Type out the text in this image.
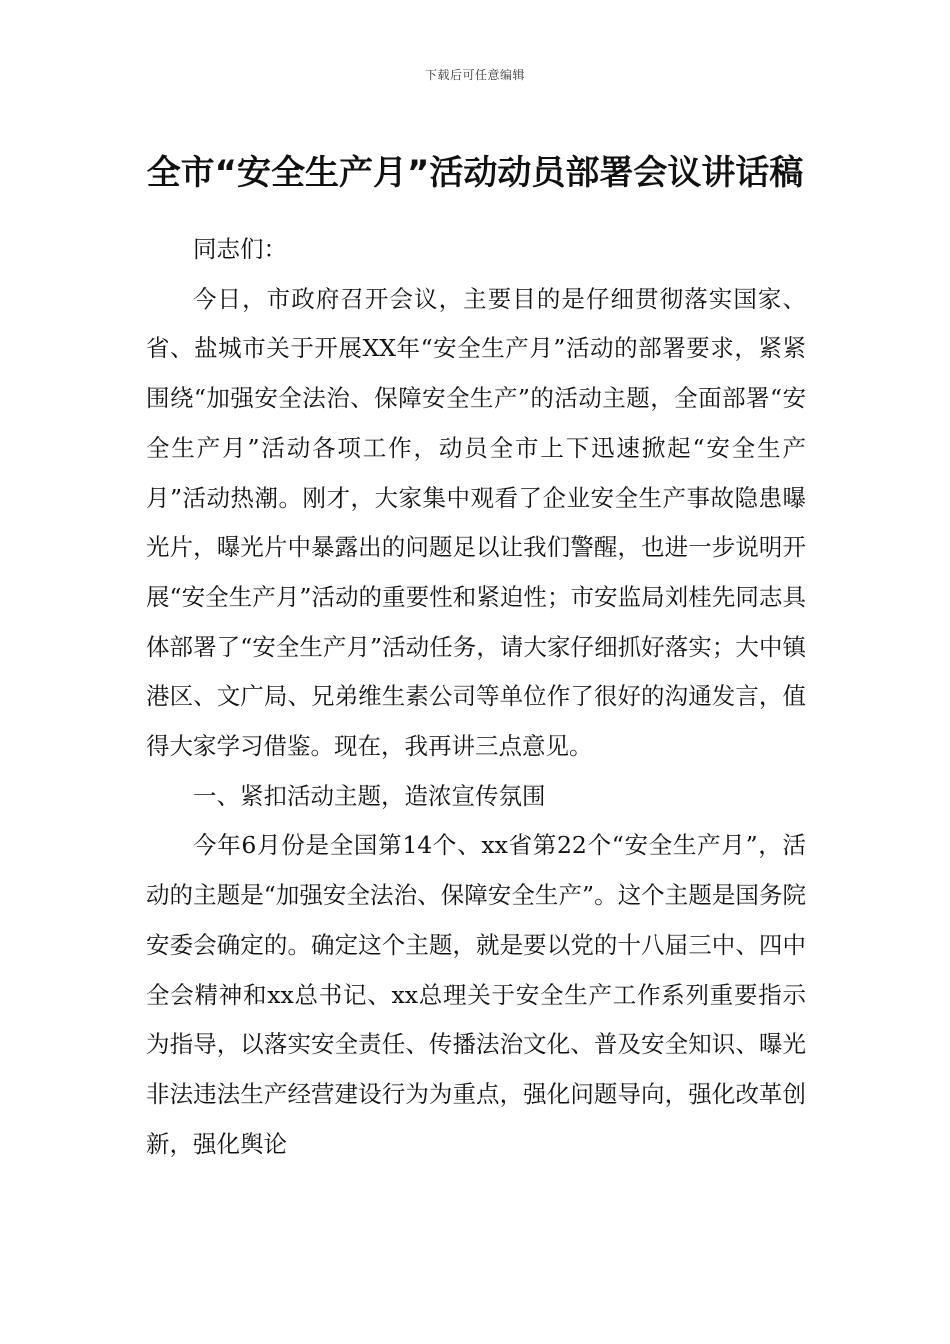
下载后可任意编辑
全市“安全生产月”活动动员部署会议讲话稿

同志们：

今日，市政府召开会议，主要目的是仔细贯彻落实国家、省、盐城市关于开展XX年“安全生产月”活动的部署要求，紧紧围绕“加强安全法治、保障安全生产”的活动主题，全面部署“安全生产月”活动各项工作，动员全市上下迅速掀起“安全生产月”活动热潮。刚才，大家集中观看了企业安全生产事故隐患曝光片，曝光片中暴露出的问题足以让我们警醒，也进一步说明开展“安全生产月”活动的重要性和紧迫性；市安监局刘桂先同志具体部署了“安全生产月”活动任务，请大家仔细抓好落实；大中镇港区、文广局、兄弟维生素公司等单位作了很好的沟通发言，值得大家学习借鉴。现在，我再讲三点意见。

一、紧扣活动主题，造浓宣传氛围

今年6月份是全国第14个、xx省第22个“安全生产月”，活动的主题是“加强安全法治、保障安全生产”。这个主题是国务院安委会确定的。确定这个主题，就是要以党的十八届三中、四中全会精神和xx总书记、xx总理关于安全生产工作系列重要指示为指导，以落实安全责任、传播法治文化、普及安全知识、曝光非法违法生产经营建设行为为重点，强化问题导向，强化改革创新，强化舆论
